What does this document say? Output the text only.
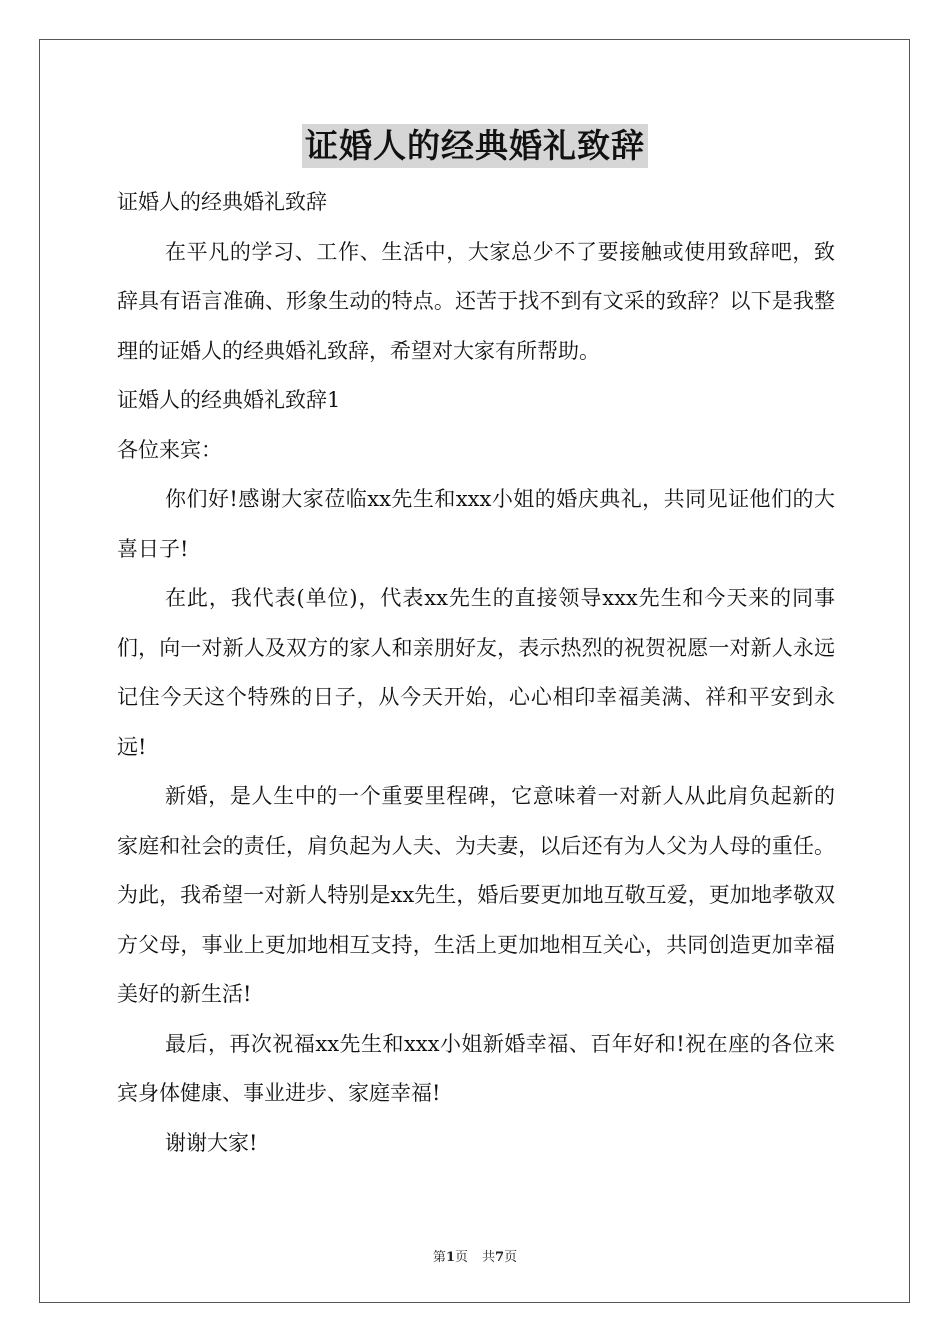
证婚人的经典婚礼致辞

证婚人的经典婚礼致辞

在平凡的学习、工作、生活中，大家总少不了要接触或使用致辞吧，致辞具有语言准确、形象生动的特点。还苦于找不到有文采的致辞？以下是我整理的证婚人的经典婚礼致辞，希望对大家有所帮助。

证婚人的经典婚礼致辞1

各位来宾：

你们好!感谢大家莅临xx先生和xxx小姐的婚庆典礼，共同见证他们的大喜日子!

在此，我代表(单位)，代表xx先生的直接领导xxx先生和今天来的同事们，向一对新人及双方的家人和亲朋好友，表示热烈的祝贺祝愿一对新人永远记住今天这个特殊的日子，从今天开始，心心相印幸福美满、祥和平安到永远!

新婚，是人生中的一个重要里程碑，它意味着一对新人从此肩负起新的家庭和社会的责任，肩负起为人夫、为夫妻，以后还有为人父为人母的重任。为此，我希望一对新人特别是xx先生，婚后要更加地互敬互爱，更加地孝敬双方父母，事业上更加地相互支持，生活上更加地相互关心，共同创造更加幸福美好的新生活!

最后，再次祝福xx先生和xxx小姐新婚幸福、百年好和!祝在座的各位来宾身体健康、事业进步、家庭幸福!

谢谢大家!

第1页 共7页
